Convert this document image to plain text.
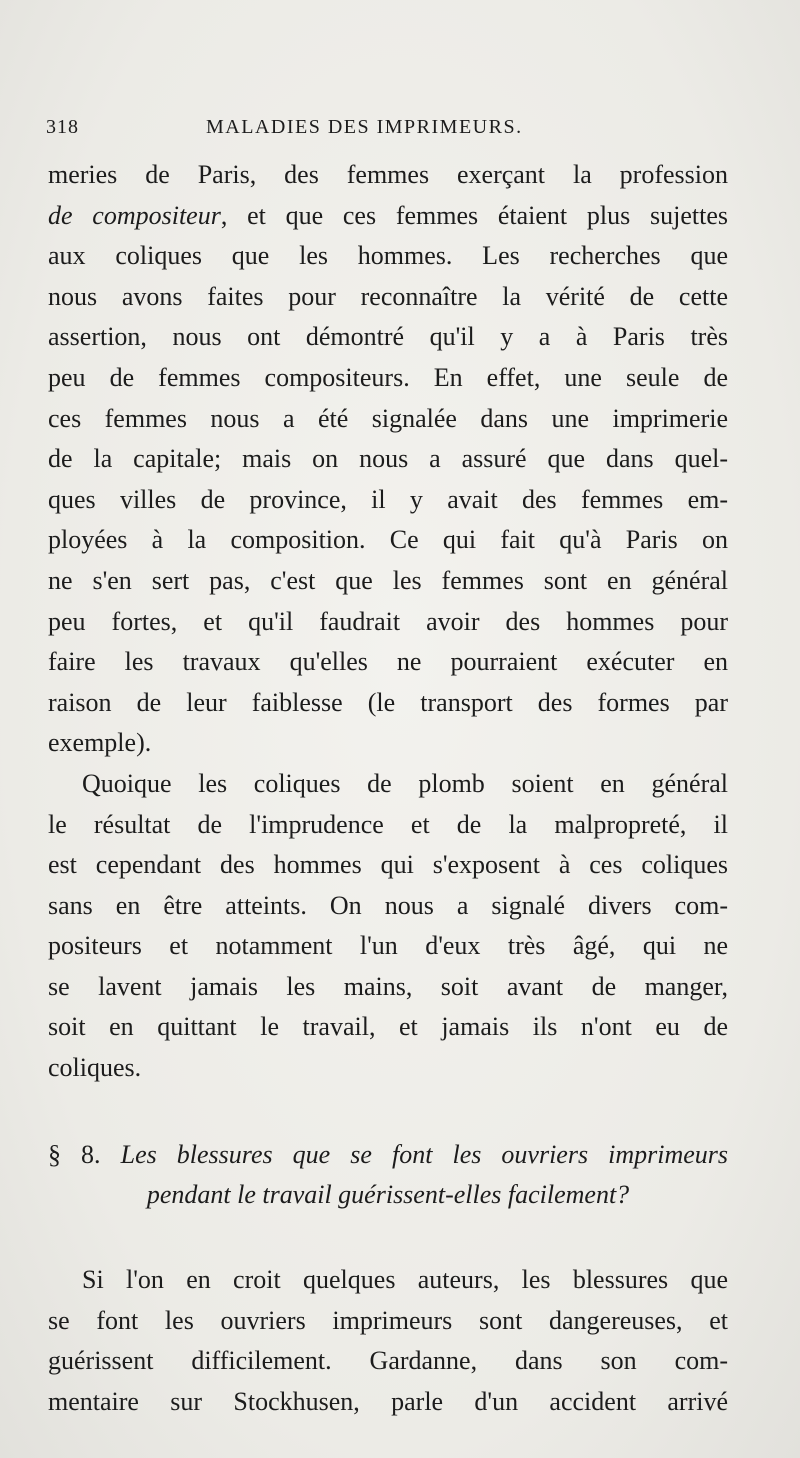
318	MALADIES DES IMPRIMEURS.
meries de Paris, des femmes exerçant la profession
de compositeur, et que ces femmes étaient plus sujettes
aux coliques que les hommes. Les recherches que
nous avons faites pour reconnaître la vérité de cette
assertion, nous ont démontré qu'il y a à Paris très
peu de femmes compositeurs. En effet, une seule de
ces femmes nous a été signalée dans une imprimerie
de la capitale; mais on nous a assuré que dans quel-
ques villes de province, il y avait des femmes em-
ployées à la composition. Ce qui fait qu'à Paris on
ne s'en sert pas, c'est que les femmes sont en général
peu fortes, et qu'il faudrait avoir des hommes pour
faire les travaux qu'elles ne pourraient exécuter en
raison de leur faiblesse (le transport des formes par
exemple).
Quoique les coliques de plomb soient en général
le résultat de l'imprudence et de la malpropreté, il
est cependant des hommes qui s'exposent à ces coliques
sans en être atteints. On nous a signalé divers com-
positeurs et notamment l'un d'eux très âgé, qui ne
se lavent jamais les mains, soit avant de manger,
soit en quittant le travail, et jamais ils n'ont eu de
coliques.
§ 8. Les blessures que se font les ouvriers imprimeurs
pendant le travail guérissent-elles facilement?
Si l'on en croit quelques auteurs, les blessures que
se font les ouvriers imprimeurs sont dangereuses, et
guérissent difficilement. Gardanne, dans son com-
mentaire sur Stockhusen, parle d'un accident arrivé
